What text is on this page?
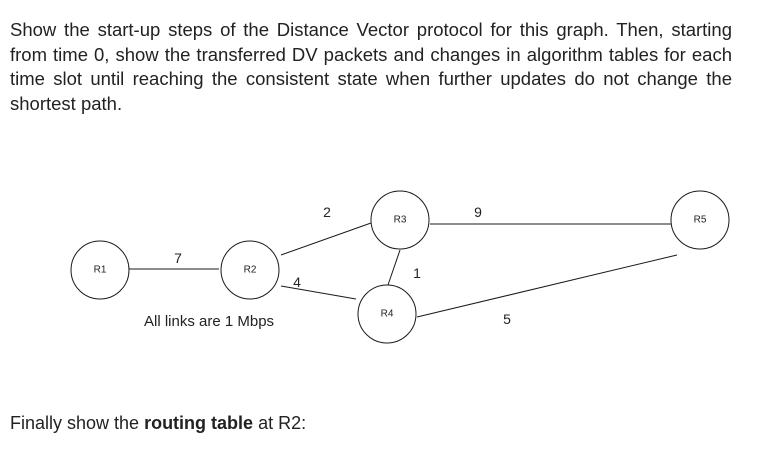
Show the start-up steps of the Distance Vector protocol for this graph. Then, starting from time 0, show the transferred DV packets and changes in algorithm tables for each time slot until reaching the consistent state when further updates do not change the shortest path.

R1	R2
R3
R4
R5
7
2
4
1
9
5

All links are 1 Mbps

Finally show the routing table at R2:
